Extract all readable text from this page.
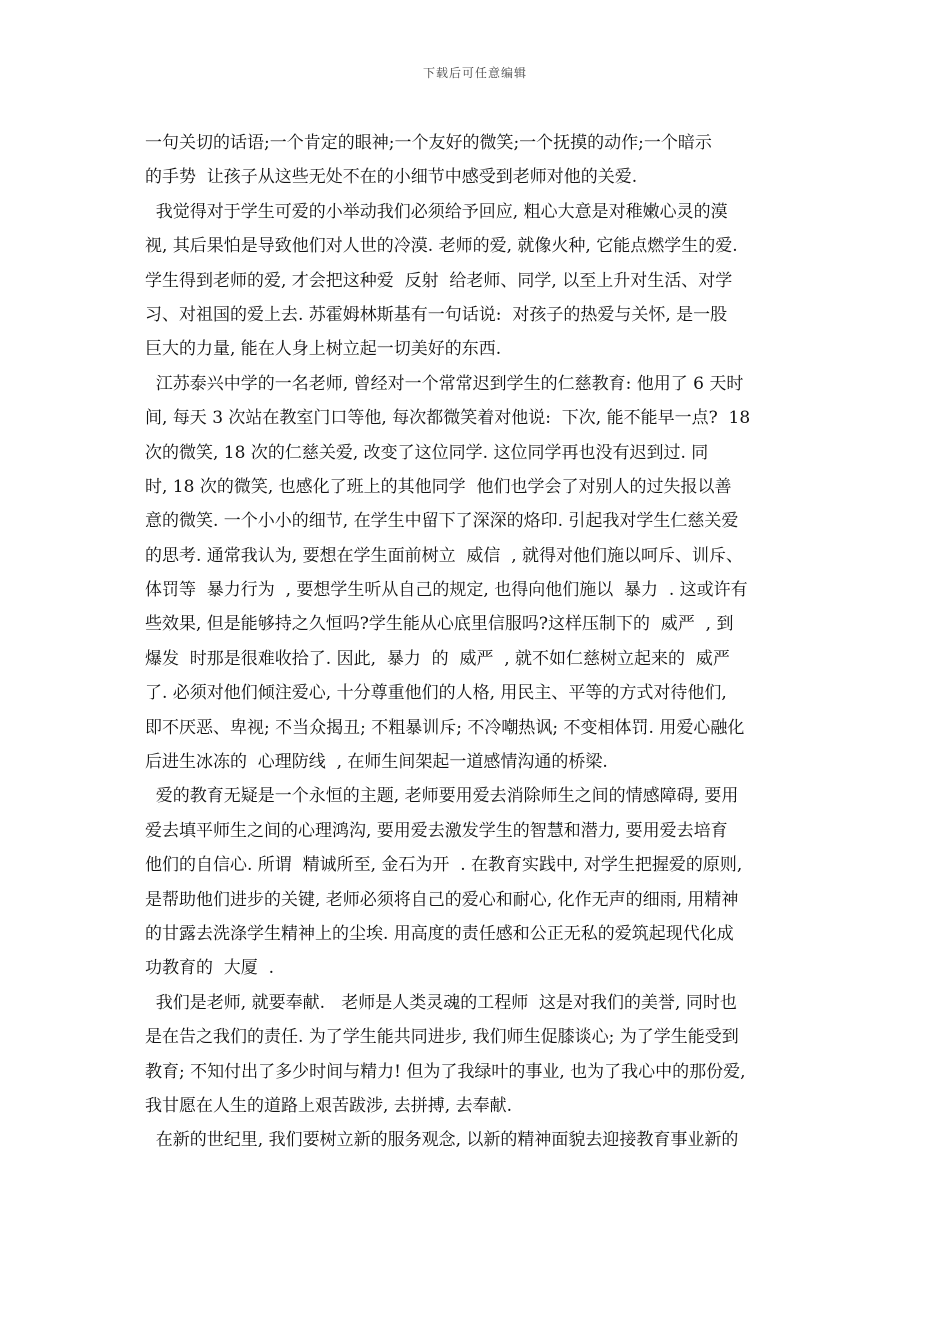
下载后可任意编辑
一句关切的话语;一个肯定的眼神;一个友好的微笑;一个抚摸的动作;一个暗示
的手势  让孩子从这些无处不在的小细节中感受到老师对他的关爱.
我觉得对于学生可爱的小举动我们必须给予回应, 粗心大意是对稚嫩心灵的漠
视, 其后果怕是导致他们对人世的冷漠. 老师的爱, 就像火种, 它能点燃学生的爱.
学生得到老师的爱, 才会把这种爱  反射  给老师、同学, 以至上升对生活、对学
习、对祖国的爱上去. 苏霍姆林斯基有一句话说:  对孩子的热爱与关怀, 是一股
巨大的力量, 能在人身上树立起一切美好的东西.
江苏泰兴中学的一名老师, 曾经对一个常常迟到学生的仁慈教育: 他用了 6 天时
间, 每天 3 次站在教室门口等他, 每次都微笑着对他说:  下次, 能不能早一点?  18
次的微笑, 18 次的仁慈关爱, 改变了这位同学. 这位同学再也没有迟到过. 同
时, 18 次的微笑, 也感化了班上的其他同学  他们也学会了对别人的过失报以善
意的微笑. 一个小小的细节, 在学生中留下了深深的烙印. 引起我对学生仁慈关爱
的思考. 通常我认为, 要想在学生面前树立  威信  , 就得对他们施以呵斥、训斥、
体罚等  暴力行为  , 要想学生听从自己的规定, 也得向他们施以  暴力  . 这或许有
些效果, 但是能够持之久恒吗?学生能从心底里信服吗?这样压制下的  威严  , 到
爆发  时那是很难收拾了. 因此,  暴力  的  威严  , 就不如仁慈树立起来的  威严
了. 必须对他们倾注爱心, 十分尊重他们的人格, 用民主、平等的方式对待他们,
即不厌恶、卑视; 不当众揭丑; 不粗暴训斥; 不冷嘲热讽; 不变相体罚. 用爱心融化
后进生冰冻的  心理防线  , 在师生间架起一道感情沟通的桥梁.
爱的教育无疑是一个永恒的主题, 老师要用爱去消除师生之间的情感障碍, 要用
爱去填平师生之间的心理鸿沟, 要用爱去激发学生的智慧和潜力, 要用爱去培育
他们的自信心. 所谓  精诚所至, 金石为开  . 在教育实践中, 对学生把握爱的原则,
是帮助他们进步的关键, 老师必须将自己的爱心和耐心, 化作无声的细雨, 用精神
的甘露去洗涤学生精神上的尘埃. 用高度的责任感和公正无私的爱筑起现代化成
功教育的  大厦  .
我们是老师, 就要奉献.   老师是人类灵魂的工程师  这是对我们的美誉, 同时也
是在告之我们的责任. 为了学生能共同进步, 我们师生促膝谈心; 为了学生能受到
教育; 不知付出了多少时间与精力! 但为了我绿叶的事业, 也为了我心中的那份爱,
我甘愿在人生的道路上艰苦跋涉, 去拼搏, 去奉献.
在新的世纪里, 我们要树立新的服务观念, 以新的精神面貌去迎接教育事业新的
